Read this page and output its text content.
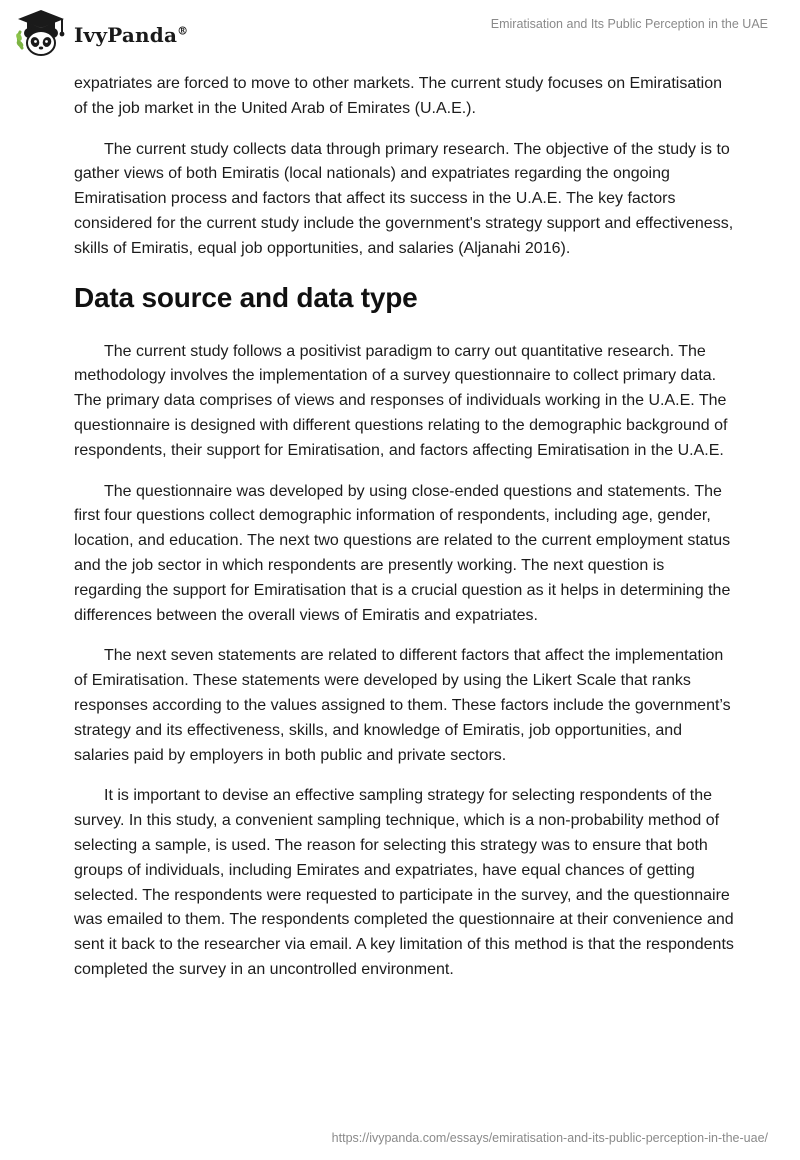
IvyPanda®	Emiratisation and Its Public Perception in the UAE

expatriates are forced to move to other markets. The current study focuses on Emiratisation of the job market in the United Arab of Emirates (U.A.E.).

The current study collects data through primary research. The objective of the study is to gather views of both Emiratis (local nationals) and expatriates regarding the ongoing Emiratisation process and factors that affect its success in the U.A.E. The key factors considered for the current study include the government's strategy support and effectiveness, skills of Emiratis, equal job opportunities, and salaries (Aljanahi 2016).

Data source and data type

The current study follows a positivist paradigm to carry out quantitative research. The methodology involves the implementation of a survey questionnaire to collect primary data. The primary data comprises of views and responses of individuals working in the U.A.E. The questionnaire is designed with different questions relating to the demographic background of respondents, their support for Emiratisation, and factors affecting Emiratisation in the U.A.E.

The questionnaire was developed by using close-ended questions and statements. The first four questions collect demographic information of respondents, including age, gender, location, and education. The next two questions are related to the current employment status and the job sector in which respondents are presently working. The next question is regarding the support for Emiratisation that is a crucial question as it helps in determining the differences between the overall views of Emiratis and expatriates.

The next seven statements are related to different factors that affect the implementation of Emiratisation. These statements were developed by using the Likert Scale that ranks responses according to the values assigned to them. These factors include the government’s strategy and its effectiveness, skills, and knowledge of Emiratis, job opportunities, and salaries paid by employers in both public and private sectors.

It is important to devise an effective sampling strategy for selecting respondents of the survey. In this study, a convenient sampling technique, which is a non-probability method of selecting a sample, is used. The reason for selecting this strategy was to ensure that both groups of individuals, including Emirates and expatriates, have equal chances of getting selected. The respondents were requested to participate in the survey, and the questionnaire was emailed to them. The respondents completed the questionnaire at their convenience and sent it back to the researcher via email. A key limitation of this method is that the respondents completed the survey in an uncontrolled environment.

https://ivypanda.com/essays/emiratisation-and-its-public-perception-in-the-uae/
